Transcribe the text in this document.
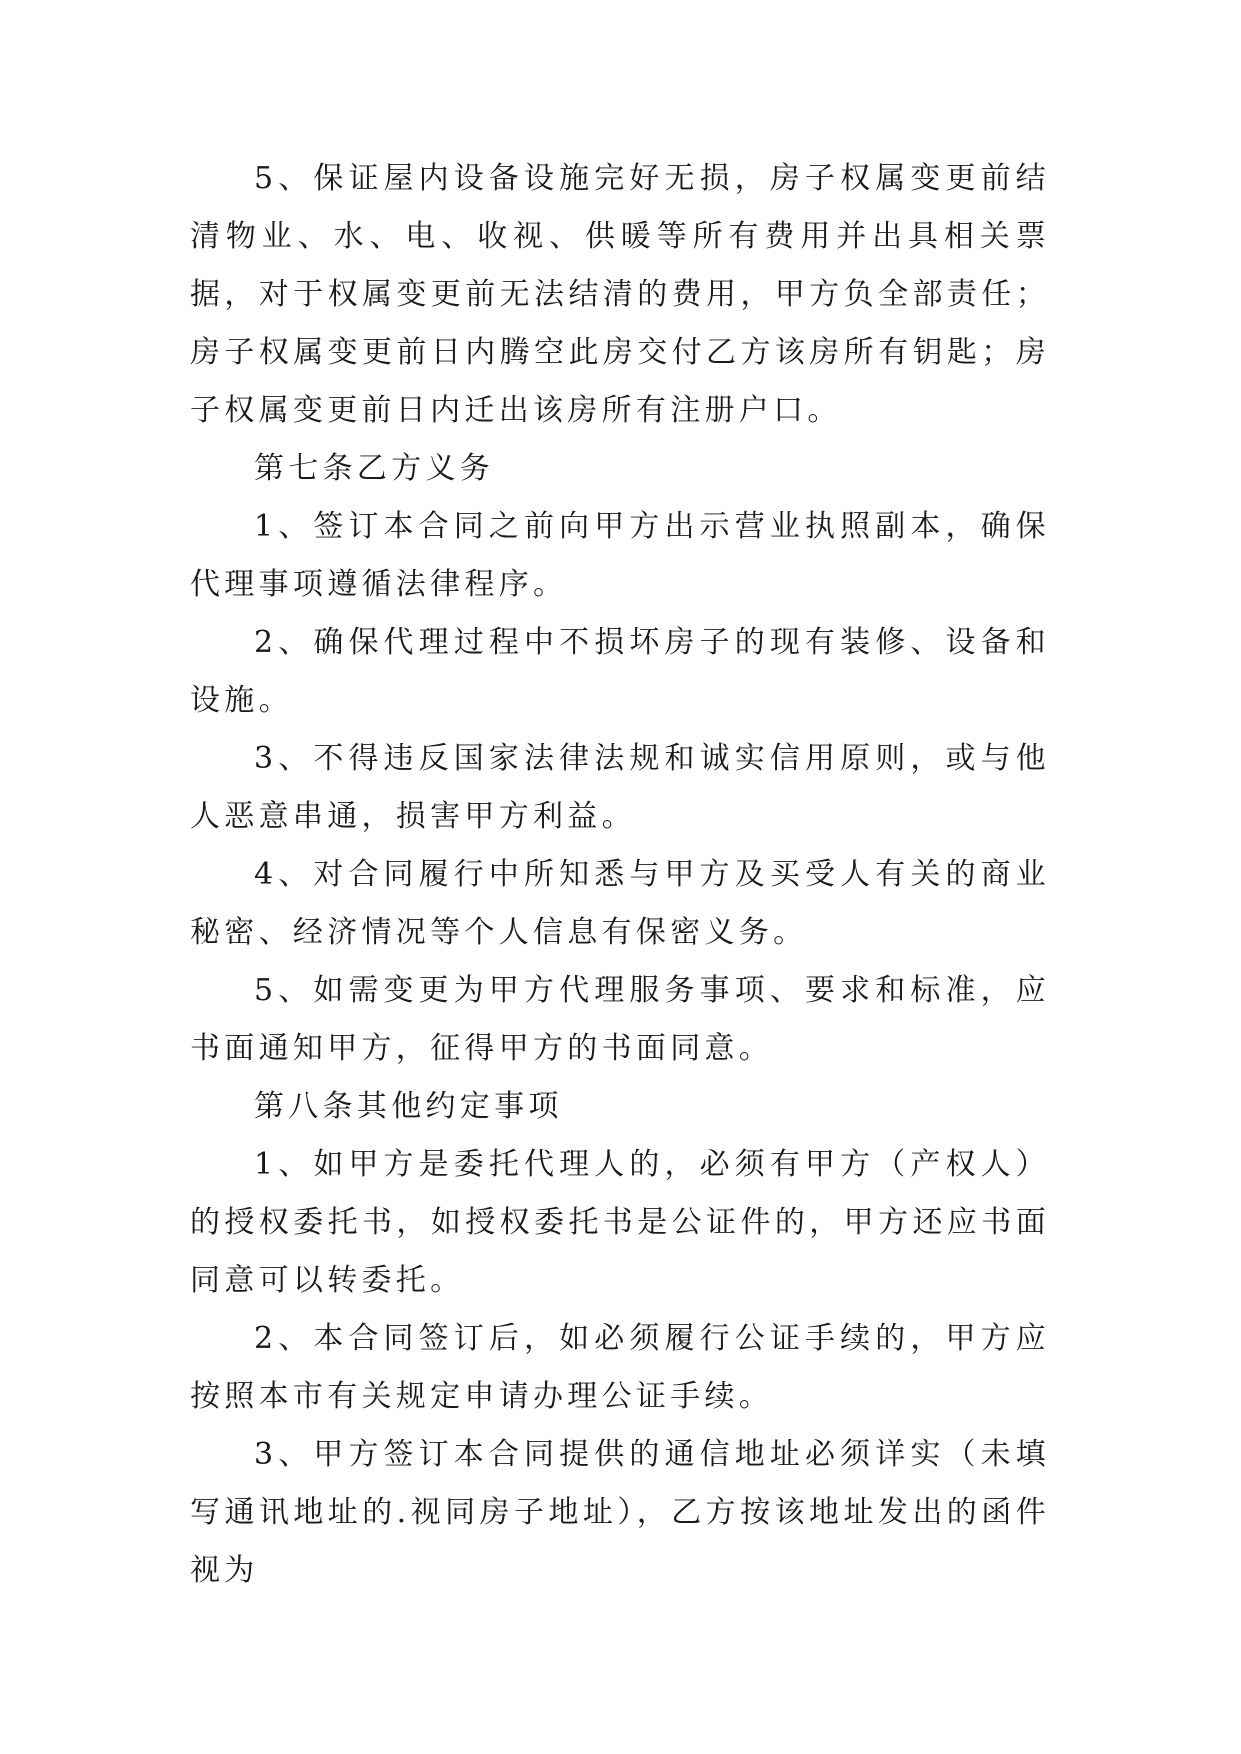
5、保证屋内设备设施完好无损，房子权属变更前结清物业、水、电、收视、供暖等所有费用并出具相关票据，对于权属变更前无法结清的费用，甲方负全部责任；房子权属变更前日内腾空此房交付乙方该房所有钥匙；房子权属变更前日内迁出该房所有注册户口。

第七条乙方义务

1、签订本合同之前向甲方出示营业执照副本，确保代理事项遵循法律程序。

2、确保代理过程中不损坏房子的现有装修、设备和设施。

3、不得违反国家法律法规和诚实信用原则，或与他人恶意串通，损害甲方利益。

4、对合同履行中所知悉与甲方及买受人有关的商业秘密、经济情况等个人信息有保密义务。

5、如需变更为甲方代理服务事项、要求和标准，应书面通知甲方，征得甲方的书面同意。

第八条其他约定事项

1、如甲方是委托代理人的，必须有甲方（产权人）的授权委托书，如授权委托书是公证件的，甲方还应书面同意可以转委托。

2、本合同签订后，如必须履行公证手续的，甲方应按照本市有关规定申请办理公证手续。

3、甲方签订本合同提供的通信地址必须详实（未填写通讯地址的.视同房子地址），乙方按该地址发出的函件视为
